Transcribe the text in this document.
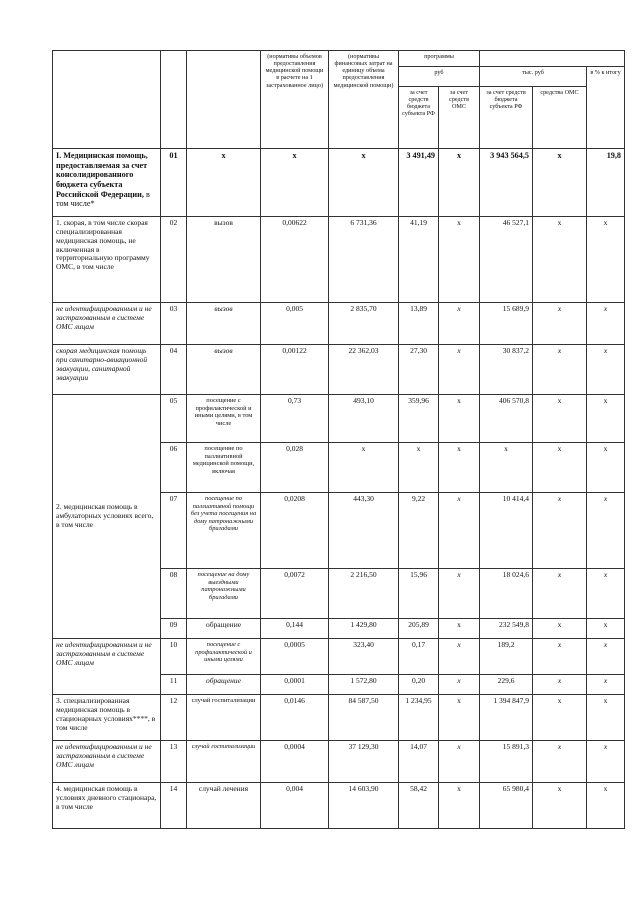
			(нормативы объемов предоставления медицинской помощи в расчете на 1 застрахованное лицо)	(нормативы финансовых затрат на единицу объема предоставления медицинской помощи)	программы				
					руб		тыс. руб		в % к итогу
					за счет средств бюджета субъекта РФ	за счет средств ОМС	за счет средств бюджета субъекта РФ	средства ОМС	
I. Медицинская помощь, предоставляемая за счет консолидированного бюджета субъекта Российской Федерации, в том числе*	01	х	х	х	3 491,49	х	3 943 564,5	х	19,8
1. скорая, в том числе скорая специализированная медицинская помощь, не включенная в территориальную программу ОМС, в том числе	02	вызов	0,00622	6 731,36	41,19	х	46 527,1	х	х
не идентифицированным и не застрахованным в системе ОМС лицам	03	вызов	0,005	2 835,70	13,89	х	15 689,9	х	х
скорая медицинская помощь при санитарно-авиационной эвакуации, санитарной эвакуации	04	вызов	0,00122	22 362,03	27,30	х	30 837,2	х	х
2. медицинская помощь в амбулаторных условиях всего, в том числе	05	посещение с профилактической и иными целями, в том числе	0,73	493,10	359,96	х	406 570,8	х	х
	06	посещение по паллиативной медицинской помощи, включая	0,028	х	х	х	х	х	х
	07	посещение по паллиативной помощи без учета посещения на дому патронажными бригадами	0,0208	443,30	9,22	х	10 414,4	х	х
	08	посещение на дому выездными патронажными бригадами	0,0072	2 216,50	15,96	х	18 024,6	х	х
	09	обращение	0,144	1 429,80	205,89	х	232 549,8	х	х
не идентифицированным и не застрахованным в системе ОМС лицам	10	посещение с профилактической и иными целями	0,0005	323,40	0,17	х	189,2	х	х
	11	обращение	0,0001	1 572,80	0,20	х	229,6	х	х
3. специализированная медицинская помощь в стационарных условиях****, в том числе	12	случай госпитализации	0,0146	84 587,50	1 234,95	х	1 394 847,9	х	х
не идентифицированным и не застрахованным в системе ОМС лицам	13	случай госпитализации	0,0004	37 129,30	14,07	х	15 891,3	х	х
4. медицинская помощь в условиях дневного стационара, в том числе	14	случай лечения	0,004	14 603,90	58,42	х	65 980,4	х	х
